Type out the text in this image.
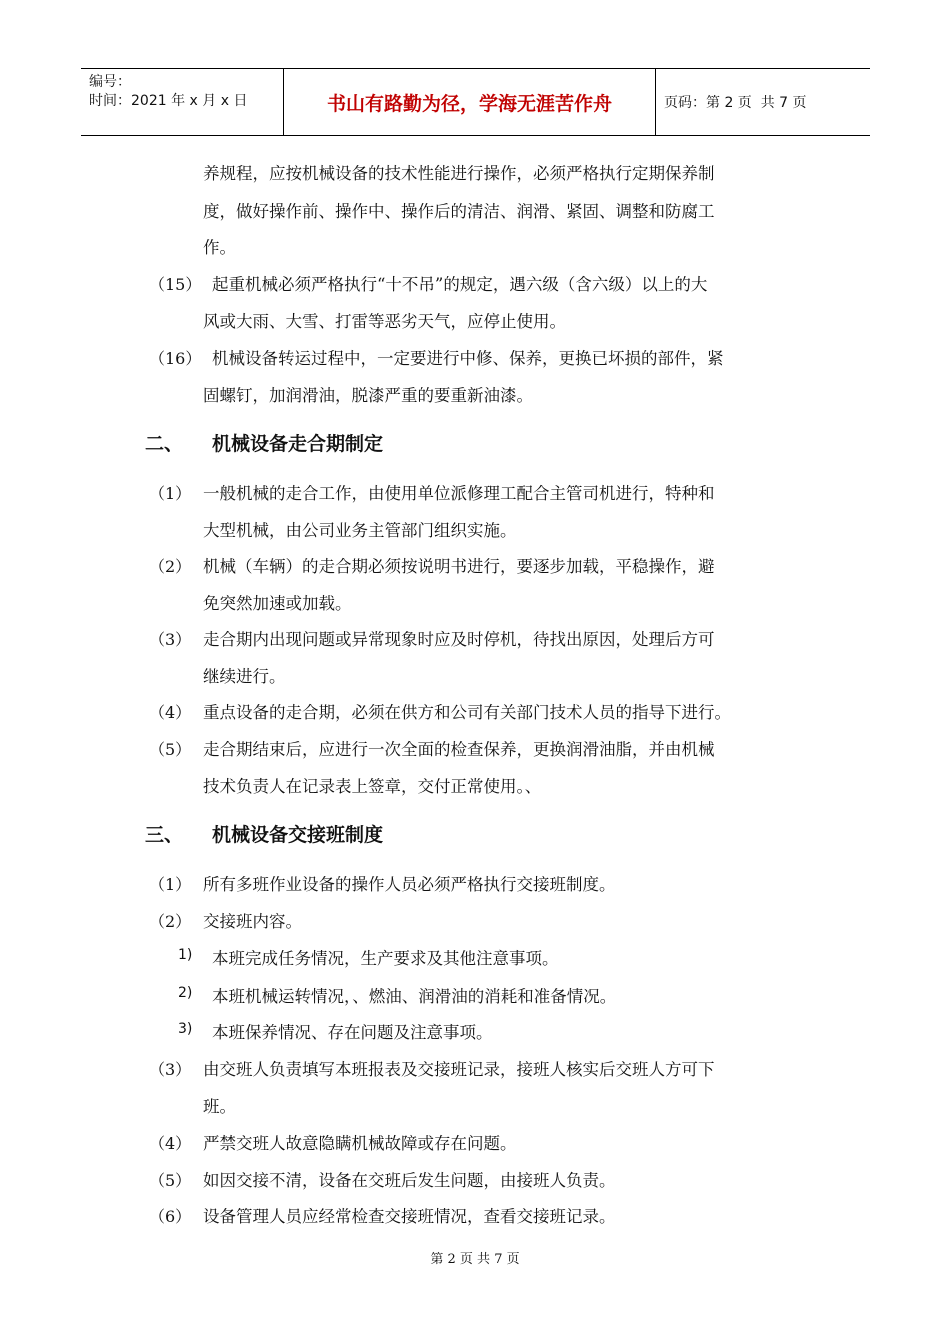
编号：
时间：2021 年 x 月 x 日	书山有路勤为径，学海无涯苦作舟	页码：第 2 页  共 7 页
养规程，应按机械设备的技术性能进行操作，必须严格执行定期保养制
度，做好操作前、操作中、操作后的清洁、润滑、紧固、调整和防腐工
作。
（15） 起重机械必须严格执行“十不吊”的规定，遇六级（含六级）以上的大
风或大雨、大雪、打雷等恶劣天气，应停止使用。
（16） 机械设备转运过程中，一定要进行中修、保养，更换已坏损的部件，紧
固螺钉，加润滑油，脱漆严重的要重新油漆。
二、 机械设备走合期制定
（1） 一般机械的走合工作，由使用单位派修理工配合主管司机进行，特种和
大型机械，由公司业务主管部门组织实施。
（2） 机械（车辆）的走合期必须按说明书进行，要逐步加载，平稳操作，避
免突然加速或加载。
（3） 走合期内出现问题或异常现象时应及时停机，待找出原因，处理后方可
继续进行。
（4） 重点设备的走合期，必须在供方和公司有关部门技术人员的指导下进行。
（5） 走合期结束后，应进行一次全面的检查保养，更换润滑油脂，并由机械
技术负责人在记录表上签章，交付正常使用。、
三、 机械设备交接班制度
（1） 所有多班作业设备的操作人员必须严格执行交接班制度。
（2） 交接班内容。
1) 本班完成任务情况，生产要求及其他注意事项。
2) 本班机械运转情况，、燃油、润滑油的消耗和准备情况。
3) 本班保养情况、存在问题及注意事项。
（3） 由交班人负责填写本班报表及交接班记录，接班人核实后交班人方可下
班。
（4） 严禁交班人故意隐瞒机械故障或存在问题。
（5） 如因交接不清，设备在交班后发生问题，由接班人负责。
（6） 设备管理人员应经常检查交接班情况，查看交接班记录。
第 2 页 共 7 页
